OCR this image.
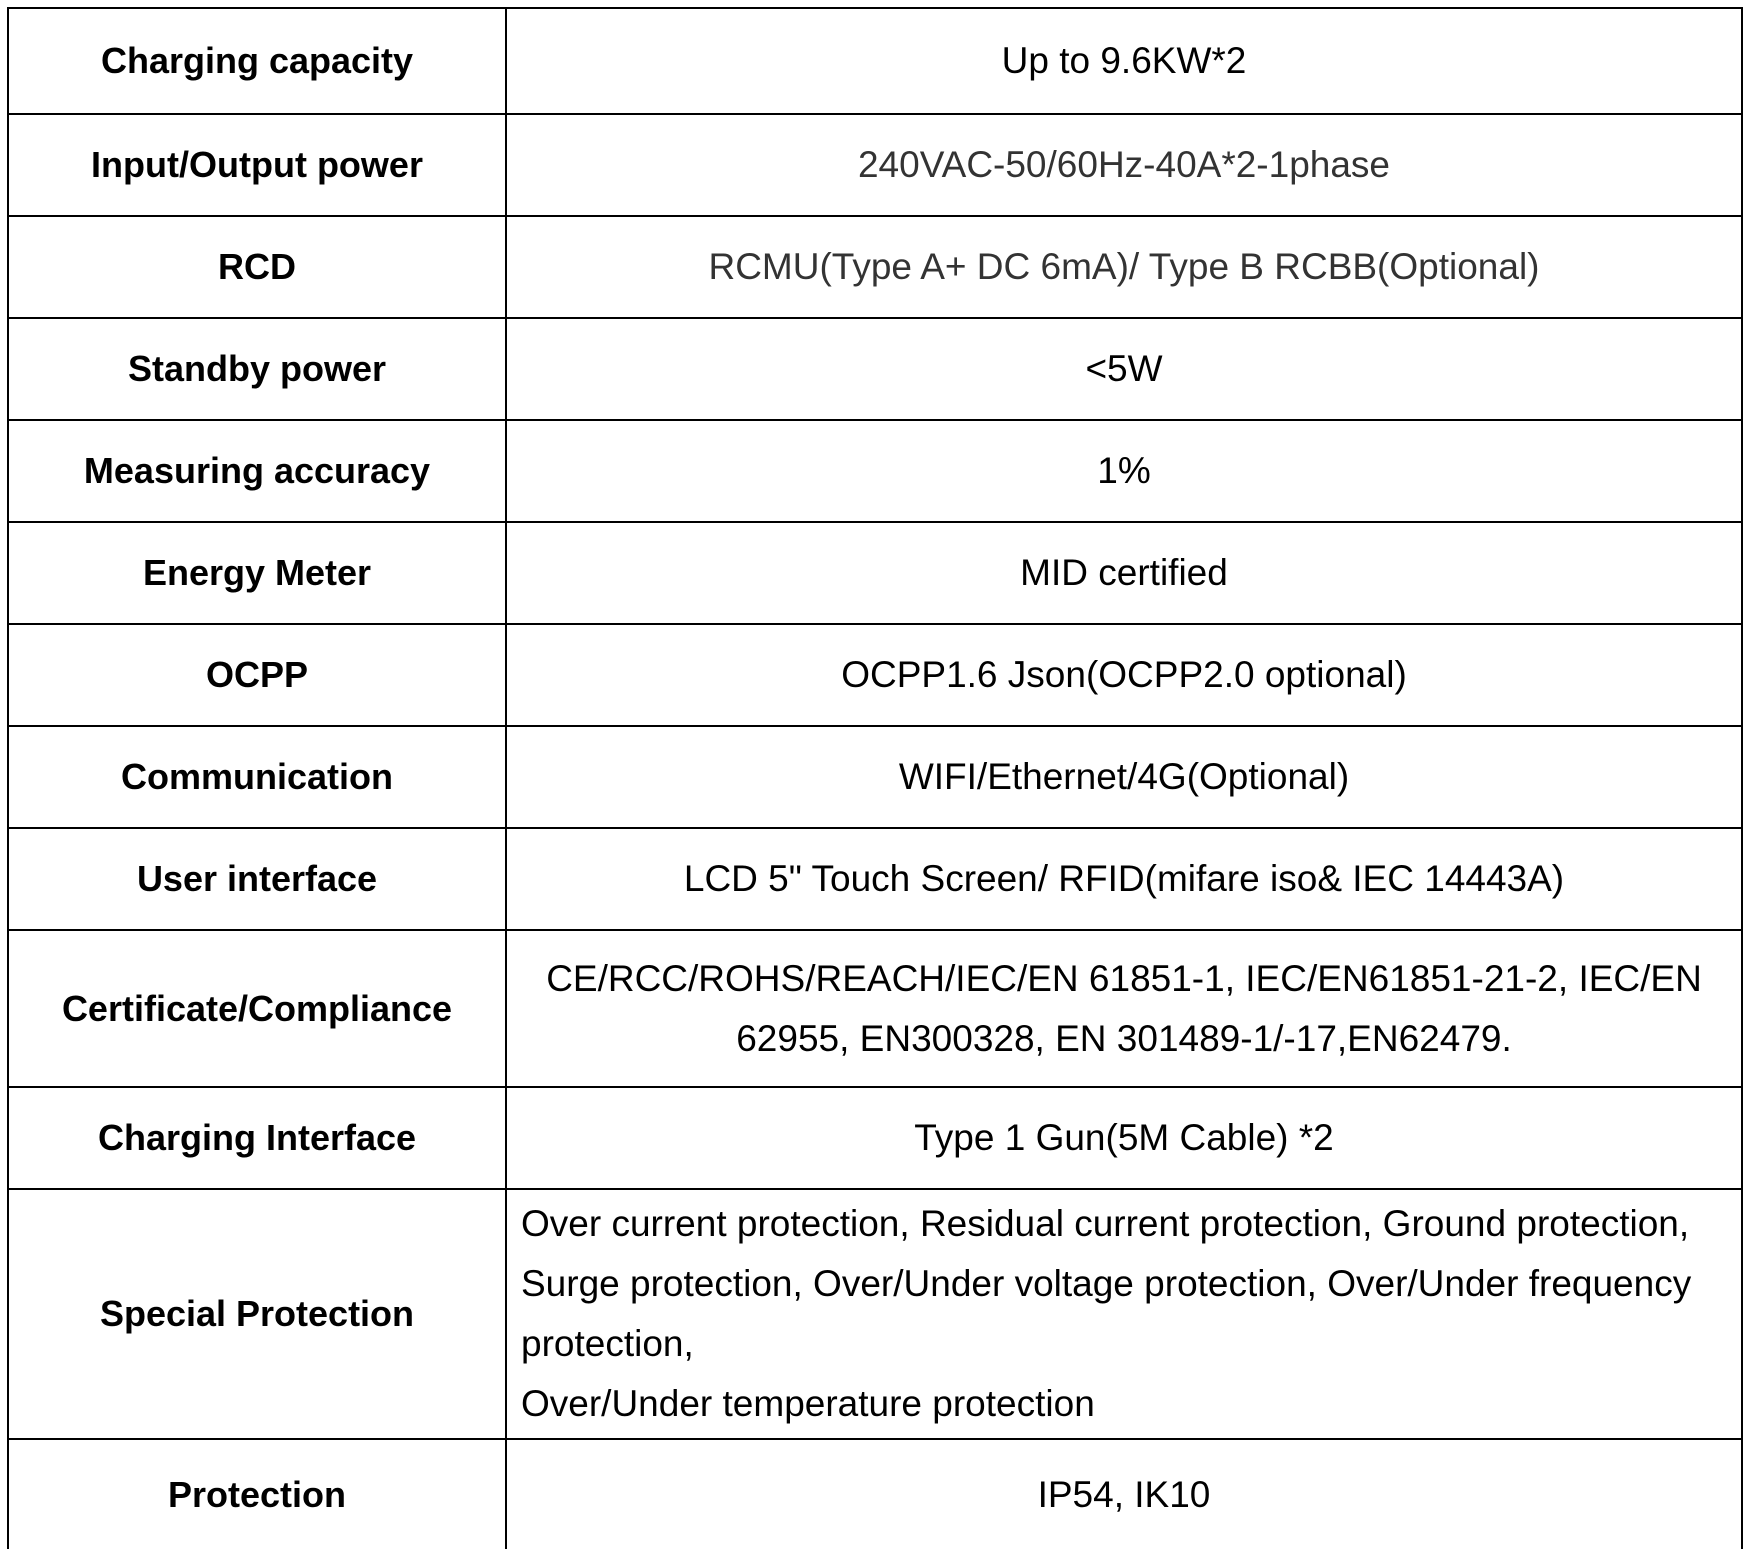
Charging capacity	Up to 9.6KW*2
Input/Output power	240VAC-50/60Hz-40A*2-1phase
RCD	RCMU(Type A+ DC 6mA)/ Type B RCBB(Optional)
Standby power	<5W
Measuring accuracy	1%
Energy Meter	MID certified
OCPP	OCPP1.6 Json(OCPP2.0 optional)
Communication	WIFI/Ethernet/4G(Optional)
User interface	LCD 5" Touch Screen/ RFID(mifare iso& IEC 14443A)
Certificate/Compliance	CE/RCC/ROHS/REACH/IEC/EN 61851-1, IEC/EN61851-21-2, IEC/EN
62955, EN300328, EN 301489-1/-17,EN62479.

Charging Interface	Type 1 Gun(5M Cable) *2
Special Protection	Over current protection, Residual current protection, Ground protection,
Surge protection, Over/Under voltage protection, Over/Under frequency
protection,
Over/Under temperature protection

Protection	IP54, IK10
